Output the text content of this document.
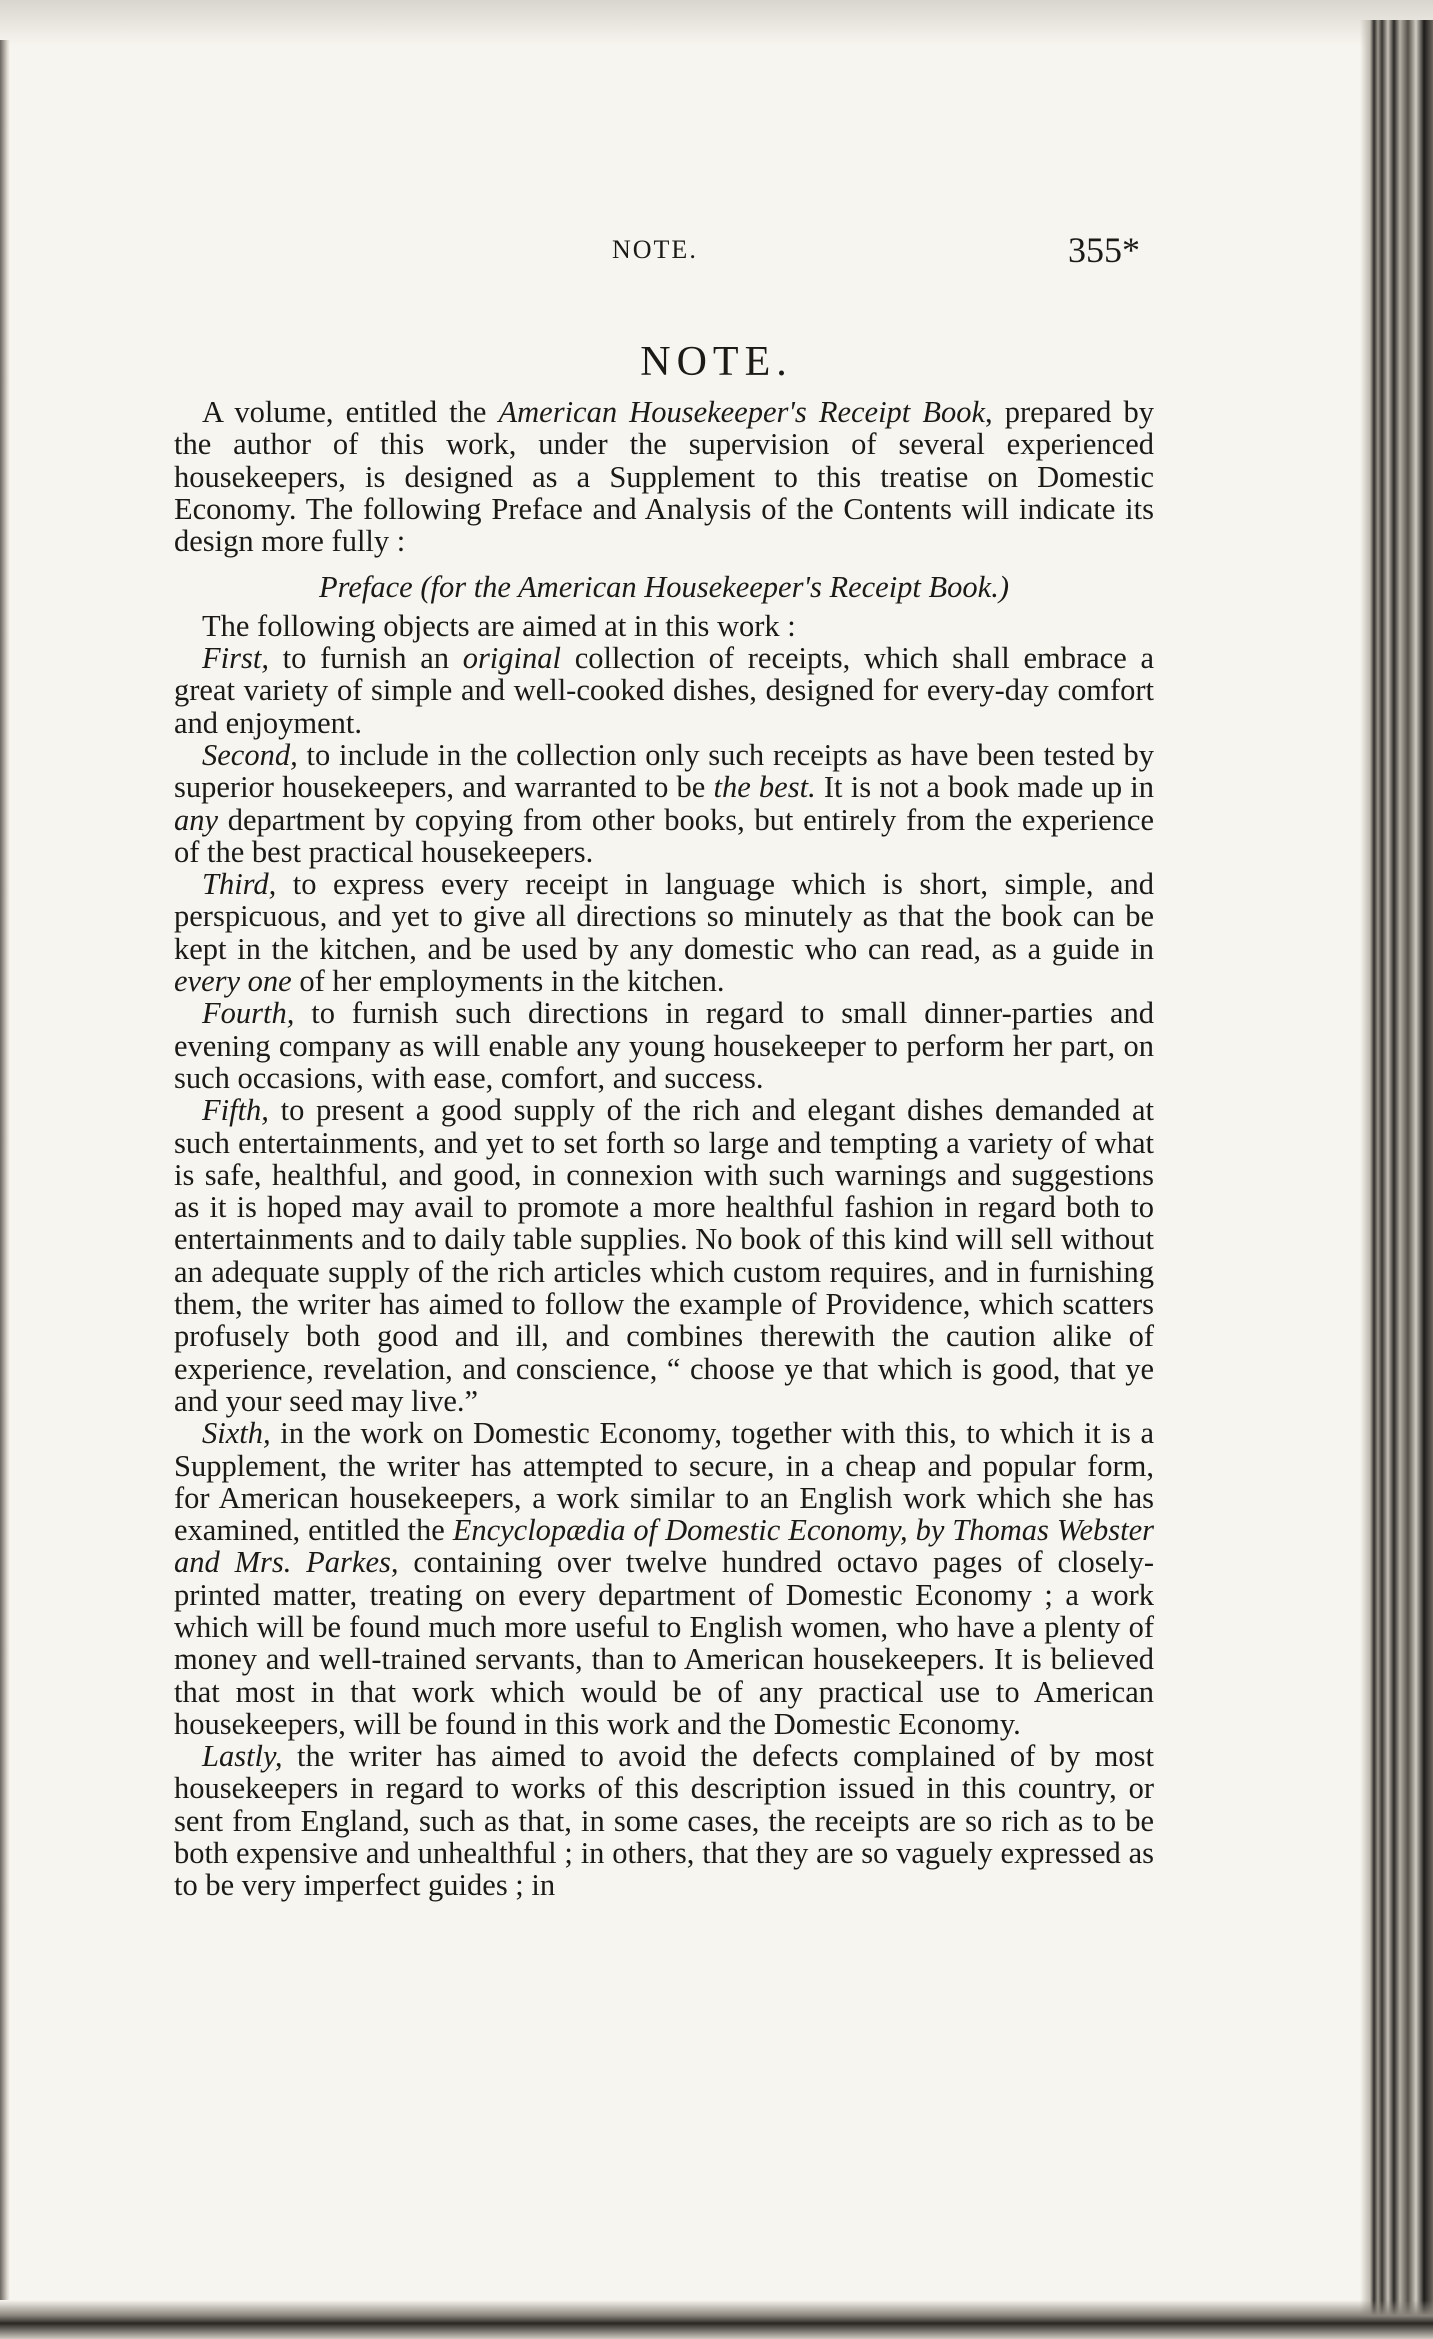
NOTE.	355*
NOTE.

A volume, entitled the American Housekeeper's Receipt Book, prepared by the author of this work, under the supervision of several experienced housekeepers, is designed as a Supplement to this treatise on Domestic Economy. The following Preface and Analysis of the Contents will indicate its design more fully :

Preface (for the American Housekeeper's Receipt Book.)

The following objects are aimed at in this work :

First, to furnish an original collection of receipts, which shall embrace a great variety of simple and well-cooked dishes, designed for every-day comfort and enjoyment.

Second, to include in the collection only such receipts as have been tested by superior housekeepers, and warranted to be the best. It is not a book made up in any department by copying from other books, but entirely from the experience of the best practical housekeepers.

Third, to express every receipt in language which is short, simple, and perspicuous, and yet to give all directions so minutely as that the book can be kept in the kitchen, and be used by any domestic who can read, as a guide in every one of her employments in the kitchen.

Fourth, to furnish such directions in regard to small dinner-parties and evening company as will enable any young housekeeper to perform her part, on such occasions, with ease, comfort, and success.

Fifth, to present a good supply of the rich and elegant dishes demanded at such entertainments, and yet to set forth so large and tempting a variety of what is safe, healthful, and good, in connexion with such warnings and suggestions as it is hoped may avail to promote a more healthful fashion in regard both to entertainments and to daily table supplies. No book of this kind will sell without an adequate supply of the rich articles which custom requires, and in furnishing them, the writer has aimed to follow the example of Providence, which scatters profusely both good and ill, and combines therewith the caution alike of experience, revelation, and conscience, “ choose ye that which is good, that ye and your seed may live.”

Sixth, in the work on Domestic Economy, together with this, to which it is a Supplement, the writer has attempted to secure, in a cheap and popular form, for American housekeepers, a work similar to an English work which she has examined, entitled the Encyclopædia of Domestic Economy, by Thomas Webster and Mrs. Parkes, containing over twelve hundred octavo pages of closely-printed matter, treating on every department of Domestic Economy ; a work which will be found much more useful to English women, who have a plenty of money and well-trained servants, than to American housekeepers. It is believed that most in that work which would be of any practical use to American housekeepers, will be found in this work and the Domestic Economy.

Lastly, the writer has aimed to avoid the defects complained of by most housekeepers in regard to works of this description issued in this country, or sent from England, such as that, in some cases, the receipts are so rich as to be both expensive and unhealthful ; in others, that they are so vaguely expressed as to be very imperfect guides ; in
